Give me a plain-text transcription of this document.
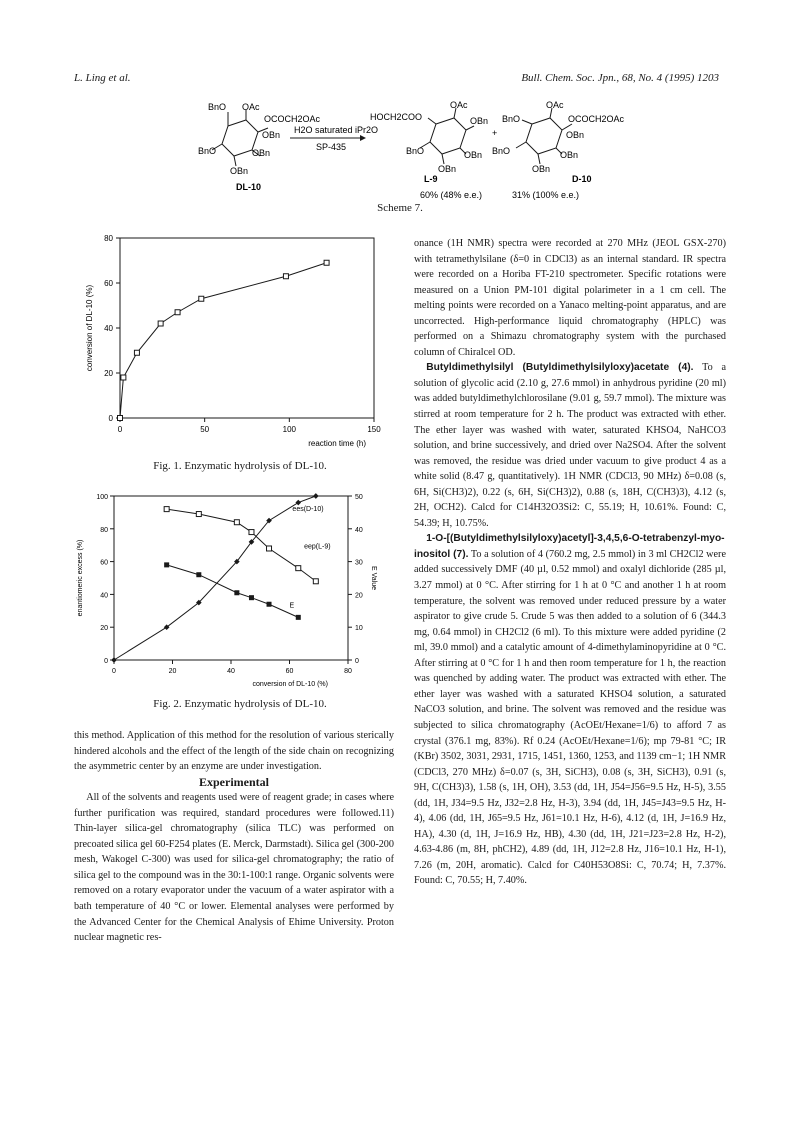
L. Ling et al.	Bull. Chem. Soc. Jpn., 68, No. 4 (1995) 1203
BnO OAc
OCOCH2OAc
OBn
BnO	OBn
OBn
DL-10
H2O saturated iPr2O
SP-435
HOCH2COO
OAc
OBn
BnO
OBn
OBn
L-9
60% (48% e.e.)
+
BnO
OAc
OCOCH2OAc
OBn
BnO	OBn
OBn
D-10
31% (100% e.e.)
Scheme 7.
0	50	100	150
0
20
40
60
80
reaction time (h)
conversion of DL-10 (%)
Fig. 1. Enzymatic hydrolysis of DL-10.
0	20	40	60	80
0
20
40
60
80
100
0
10
20
30
40
50
conversion of DL-10 (%)
enantiomeric excess (%)	E Value
ees(D-10)
eep(L-9)
E
Fig. 2. Enzymatic hydrolysis of DL-10.

this method. Application of this method for the resolution of various sterically hindered alcohols and the effect of the length of the side chain on recognizing the asymmetric center by an enzyme are under investigation.

Experimental

All of the solvents and reagents used were of reagent grade; in cases where further purification was required, standard procedures were followed.11) Thin-layer silica-gel chromatography (silica TLC) was performed on precoated silica gel 60-F254 plates (E. Merck, Darmstadt). Silica gel (300-200 mesh, Wakogel C-300) was used for silica-gel chromatography; the ratio of silica gel to the compound was in the 30:1-100:1 range. Organic solvents were removed on a rotary evaporator under the vacuum of a water aspirator with a bath temperature of 40 °C or lower. Elemental analyses were performed by the Advanced Center for the Chemical Analysis of Ehime University. Proton nuclear magnetic res-

onance (1H NMR) spectra were recorded at 270 MHz (JEOL GSX-270) with tetramethylsilane (δ=0 in CDCl3) as an internal standard. IR spectra were recorded on a Horiba FT-210 spectrometer. Specific rotations were measured on a Union PM-101 digital polarimeter in a 1 cm cell. The melting points were recorded on a Yanaco melting-point apparatus, and are uncorrected. High-performance liquid chromatography (HPLC) was performed on a Shimazu chromatography system with the purchased column of Chiralcel OD.

Butyldimethylsilyl (Butyldimethylsilyloxy)acetate (4). To a solution of glycolic acid (2.10 g, 27.6 mmol) in anhydrous pyridine (20 ml) was added butyldimethylchlorosilane (9.01 g, 59.7 mmol). The mixture was stirred at room temperature for 2 h. The product was extracted with ether. The ether layer was washed with water, saturated KHSO4, NaHCO3 solution, and brine successively, and dried over Na2SO4. After the solvent was removed, the residue was dried under vacuum to give product 4 as a white solid (8.47 g, quantitatively). 1H NMR (CDCl3, 90 MHz) δ=0.08 (s, 6H, Si(CH3)2), 0.22 (s, 6H, Si(CH3)2), 0.88 (s, 18H, C(CH3)3), 4.12 (s, 2H, OCH2). Calcd for C14H32O3Si2: C, 55.19; H, 10.61%. Found: C, 54.39; H, 10.75%.

1-O-[(Butyldimethylsilyloxy)acetyl]-3,4,5,6-O-tetrabenzyl-myo-inositol (7). To a solution of 4 (760.2 mg, 2.5 mmol) in 3 ml CH2Cl2 were added successively DMF (40 µl, 0.52 mmol) and oxalyl dichloride (285 µl, 3.27 mmol) at 0 °C. After stirring for 1 h at 0 °C and another 1 h at room temperature, the solvent was removed under reduced pressure by a water aspirator to give crude 5. Crude 5 was then added to a solution of 6 (344.3 mg, 0.64 mmol) in CH2Cl2 (6 ml). To this mixture were added pyridine (2 ml, 39.0 mmol) and a catalytic amount of 4-dimethylaminopyridine at 0 °C. After stirring at 0 °C for 1 h and then room temperature for 1 h, the reaction was quenched by adding water. The product was extracted with ether. The ether layer was washed with a saturated KHSO4 solution, a saturated NaCO3 solution, and brine. The solvent was removed and the residue was subjected to silica chromatography (AcOEt/Hexane=1/6) to afford 7 as crystal (376.1 mg, 83%). Rf 0.24 (AcOEt/Hexane=1/6); mp 79-81 °C; IR (KBr) 3502, 3031, 2931, 1715, 1451, 1360, 1253, and 1139 cm−1; 1H NMR (CDCl3, 270 MHz) δ=0.07 (s, 3H, SiCH3), 0.08 (s, 3H, SiCH3), 0.91 (s, 9H, C(CH3)3), 1.58 (s, 1H, OH), 3.53 (dd, 1H, J54=J56=9.5 Hz, H-5), 3.55 (dd, 1H, J34=9.5 Hz, J32=2.8 Hz, H-3), 3.94 (dd, 1H, J45=J43=9.5 Hz, H-4), 4.06 (dd, 1H, J65=9.5 Hz, J61=10.1 Hz, H-6), 4.12 (d, 1H, J=16.9 Hz, HA), 4.30 (d, 1H, J=16.9 Hz, HB), 4.30 (dd, 1H, J21=J23=2.8 Hz, H-2), 4.63-4.86 (m, 8H, phCH2), 4.89 (dd, 1H, J12=2.8 Hz, J16=10.1 Hz, H-1), 7.26 (m, 20H, aromatic). Calcd for C40H53O8Si: C, 70.74; H, 7.37%. Found: C, 70.55; H, 7.40%.
